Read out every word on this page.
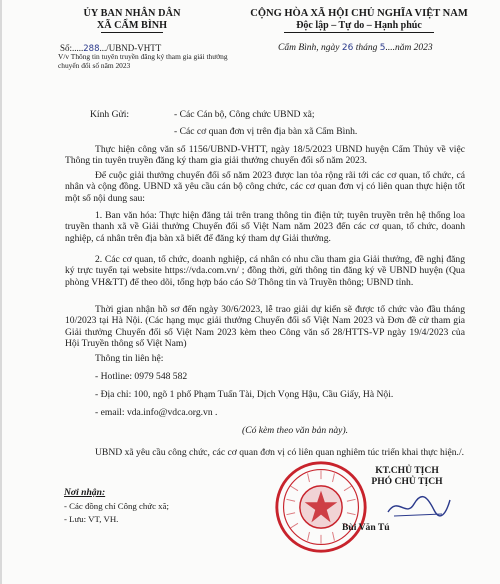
ỦY BAN NHÂN DÂN
XÃ CẨM BÌNH
CỘNG HÒA XÃ HỘI CHỦ NGHĨA VIỆT NAM
Độc lập – Tự do – Hạnh phúc
Số:.....288.../UBND-VHTT
V/v Thông tin tuyên truyền đăng ký tham gia giải thưởng chuyển đổi số năm 2023
Cẩm Bình, ngày 26 tháng 5....năm 2023
Kính Gửi:	- Các Cán bộ, Công chức UBND xã;
- Các cơ quan đơn vị trên địa bàn xã Cẩm Bình.
Thực hiện công văn số 1156/UBND-VHTT, ngày 18/5/2023 UBND huyện Cẩm Thủy về việc Thông tin tuyên truyền đăng ký tham gia giải thưởng chuyển đổi số năm 2023.
Để cuộc giải thưởng chuyển đổi số năm 2023 được lan tỏa rộng rãi tới các cơ quan, tổ chức, cá nhân và cộng đồng. UBND xã yêu cầu cán bộ công chức, các cơ quan đơn vị có liên quan thực hiện tốt một số nội dung sau:
1. Ban văn hóa: Thực hiện đăng tải trên trang thông tin điện tử; tuyên truyền trên hệ thống loa truyền thanh xã về Giải thưởng Chuyển đổi số Việt Nam năm 2023 đến các cơ quan, tổ chức, doanh nghiệp, cá nhân trên địa bàn xã biết để đăng ký tham dự Giải thưởng.
2. Các cơ quan, tổ chức, doanh nghiệp, cá nhân có nhu cầu tham gia Giải thưởng, đề nghị đăng ký trực tuyến tại website https://vda.com.vn/ ; đồng thời, gửi thông tin đăng ký về UBND huyện (Qua phòng VH&TT) để theo dõi, tổng hợp báo cáo Sở Thông tin và Truyền thông; UBND tỉnh.
Thời gian nhận hồ sơ đến ngày 30/6/2023, lễ trao giải dự kiến sẽ được tổ chức vào đầu tháng 10/2023 tại Hà Nội. (Các hạng mục giải thưởng Chuyển đổi số Việt Nam 2023 và Đơn đề cử tham gia Giải thưởng Chuyển đổi số Việt Nam 2023 kèm theo Công văn số 28/HTTS-VP ngày 19/4/2023 của Hội Truyền thông số Việt Nam)
Thông tin liên hệ:
- Hotline: 0979 548 582
- Địa chỉ: 100, ngõ 1 phố Phạm Tuấn Tài, Dịch Vọng Hậu, Cầu Giấy, Hà Nội.
- email: vda.info@vdca.org.vn .
(Có kèm theo văn bản này).
UBND xã yêu cầu công chức, các cơ quan đơn vị có liên quan nghiêm túc triển khai thực hiện./.
Nơi nhận:
- Các đồng chí Công chức xã;
- Lưu: VT, VH.
KT.CHỦ TỊCH
PHÓ CHỦ TỊCH
Bùi Văn Tú
